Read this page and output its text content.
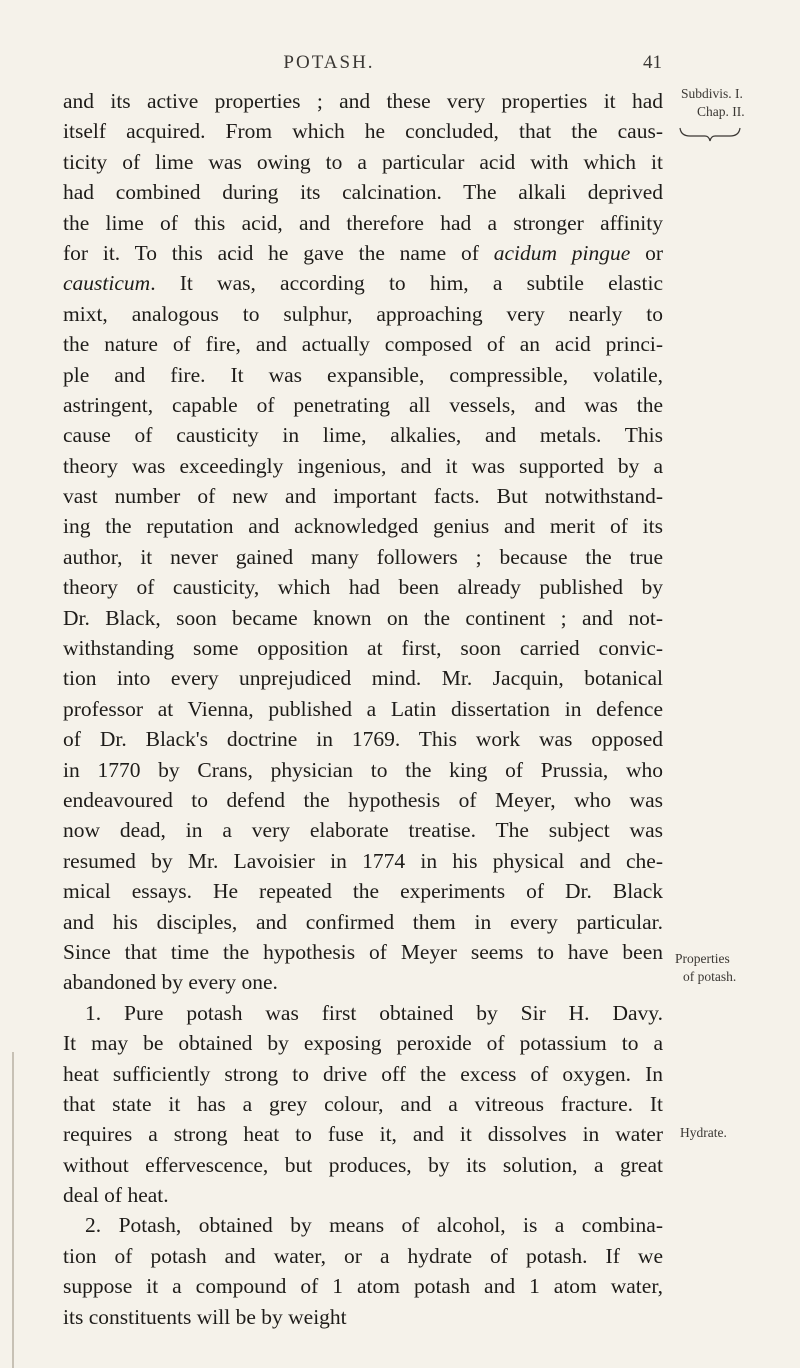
POTASH.	41
Subdivis. I.
Chap. II.
Properties
of potash.
Hydrate.
and its active properties ; and these very properties it had
itself acquired. From which he concluded, that the caus-
ticity of lime was owing to a particular acid with which it
had combined during its calcination. The alkali deprived
the lime of this acid, and therefore had a stronger affinity
for it. To this acid he gave the name of acidum pingue or
causticum. It was, according to him, a subtile elastic
mixt, analogous to sulphur, approaching very nearly to
the nature of fire, and actually composed of an acid princi-
ple and fire. It was expansible, compressible, volatile,
astringent, capable of penetrating all vessels, and was the
cause of causticity in lime, alkalies, and metals. This
theory was exceedingly ingenious, and it was supported by a
vast number of new and important facts. But notwithstand-
ing the reputation and acknowledged genius and merit of its
author, it never gained many followers ; because the true
theory of causticity, which had been already published by
Dr. Black, soon became known on the continent ; and not-
withstanding some opposition at first, soon carried convic-
tion into every unprejudiced mind. Mr. Jacquin, botanical
professor at Vienna, published a Latin dissertation in defence
of Dr. Black's doctrine in 1769. This work was opposed
in 1770 by Crans, physician to the king of Prussia, who
endeavoured to defend the hypothesis of Meyer, who was
now dead, in a very elaborate treatise. The subject was
resumed by Mr. Lavoisier in 1774 in his physical and che-
mical essays. He repeated the experiments of Dr. Black
and his disciples, and confirmed them in every particular.
Since that time the hypothesis of Meyer seems to have been
abandoned by every one.
1. Pure potash was first obtained by Sir H. Davy.
It may be obtained by exposing peroxide of potassium to a
heat sufficiently strong to drive off the excess of oxygen. In
that state it has a grey colour, and a vitreous fracture. It
requires a strong heat to fuse it, and it dissolves in water
without effervescence, but produces, by its solution, a great
deal of heat.
2. Potash, obtained by means of alcohol, is a combina-
tion of potash and water, or a hydrate of potash. If we
suppose it a compound of 1 atom potash and 1 atom water,
its constituents will be by weight
